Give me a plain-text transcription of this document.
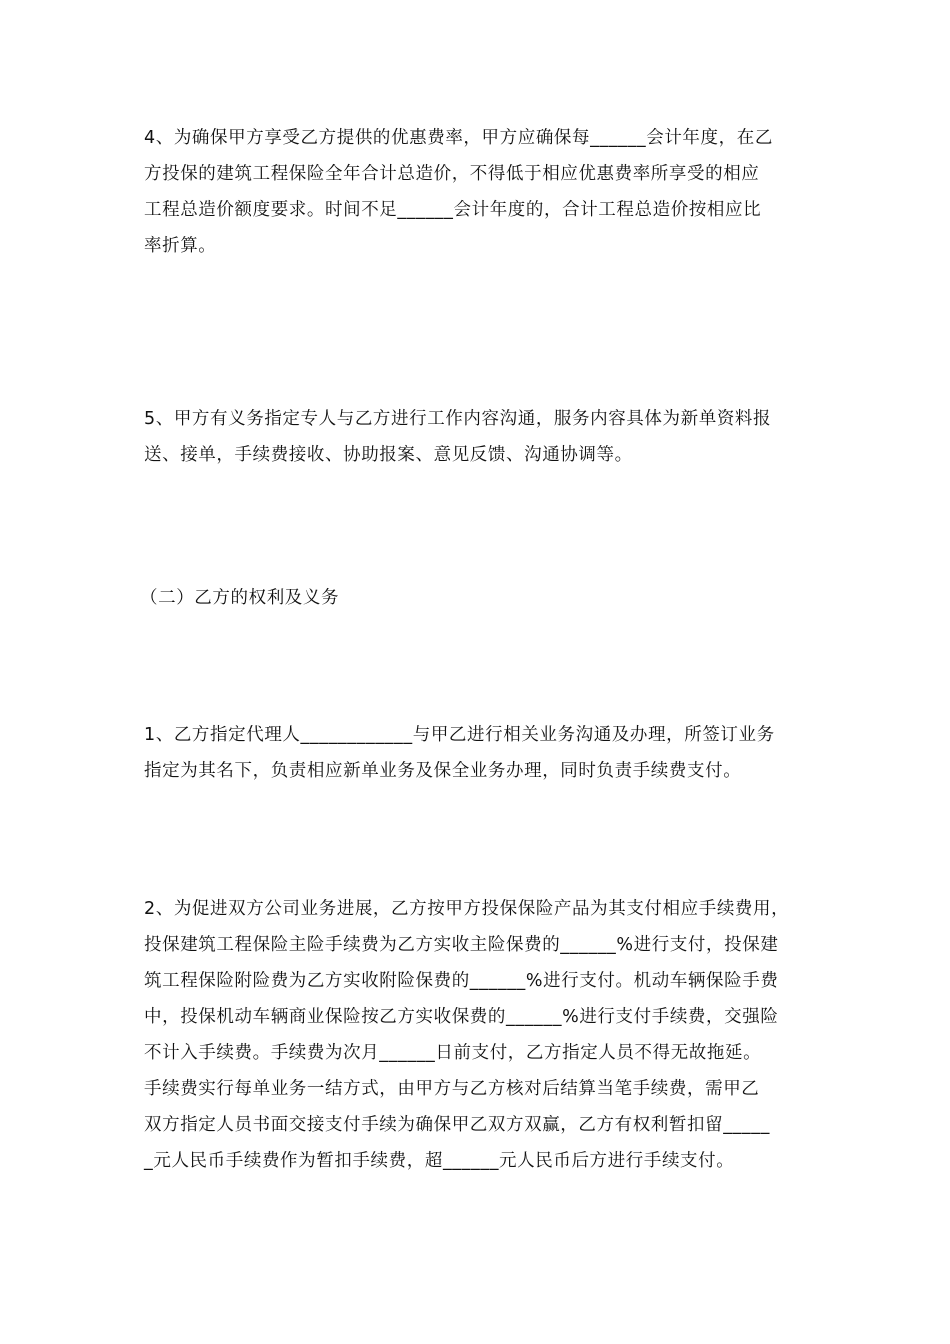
4、为确保甲方享受乙方提供的优惠费率，甲方应确保每______会计年度，在乙
方投保的建筑工程保险全年合计总造价，不得低于相应优惠费率所享受的相应
工程总造价额度要求。时间不足______会计年度的，合计工程总造价按相应比
率折算。
5、甲方有义务指定专人与乙方进行工作内容沟通，服务内容具体为新单资料报
送、接单，手续费接收、协助报案、意见反馈、沟通协调等。
（二）乙方的权利及义务
1、乙方指定代理人____________与甲乙进行相关业务沟通及办理，所签订业务
指定为其名下，负责相应新单业务及保全业务办理，同时负责手续费支付。
2、为促进双方公司业务进展，乙方按甲方投保保险产品为其支付相应手续费用，
投保建筑工程保险主险手续费为乙方实收主险保费的______%进行支付，投保建
筑工程保险附险费为乙方实收附险保费的______%进行支付。机动车辆保险手费
中，投保机动车辆商业保险按乙方实收保费的______%进行支付手续费，交强险
不计入手续费。手续费为次月______日前支付，乙方指定人员不得无故拖延。
手续费实行每单业务一结方式，由甲方与乙方核对后结算当笔手续费，需甲乙
双方指定人员书面交接支付手续为确保甲乙双方双赢，乙方有权利暂扣留_____
_元人民币手续费作为暂扣手续费，超______元人民币后方进行手续支付。
